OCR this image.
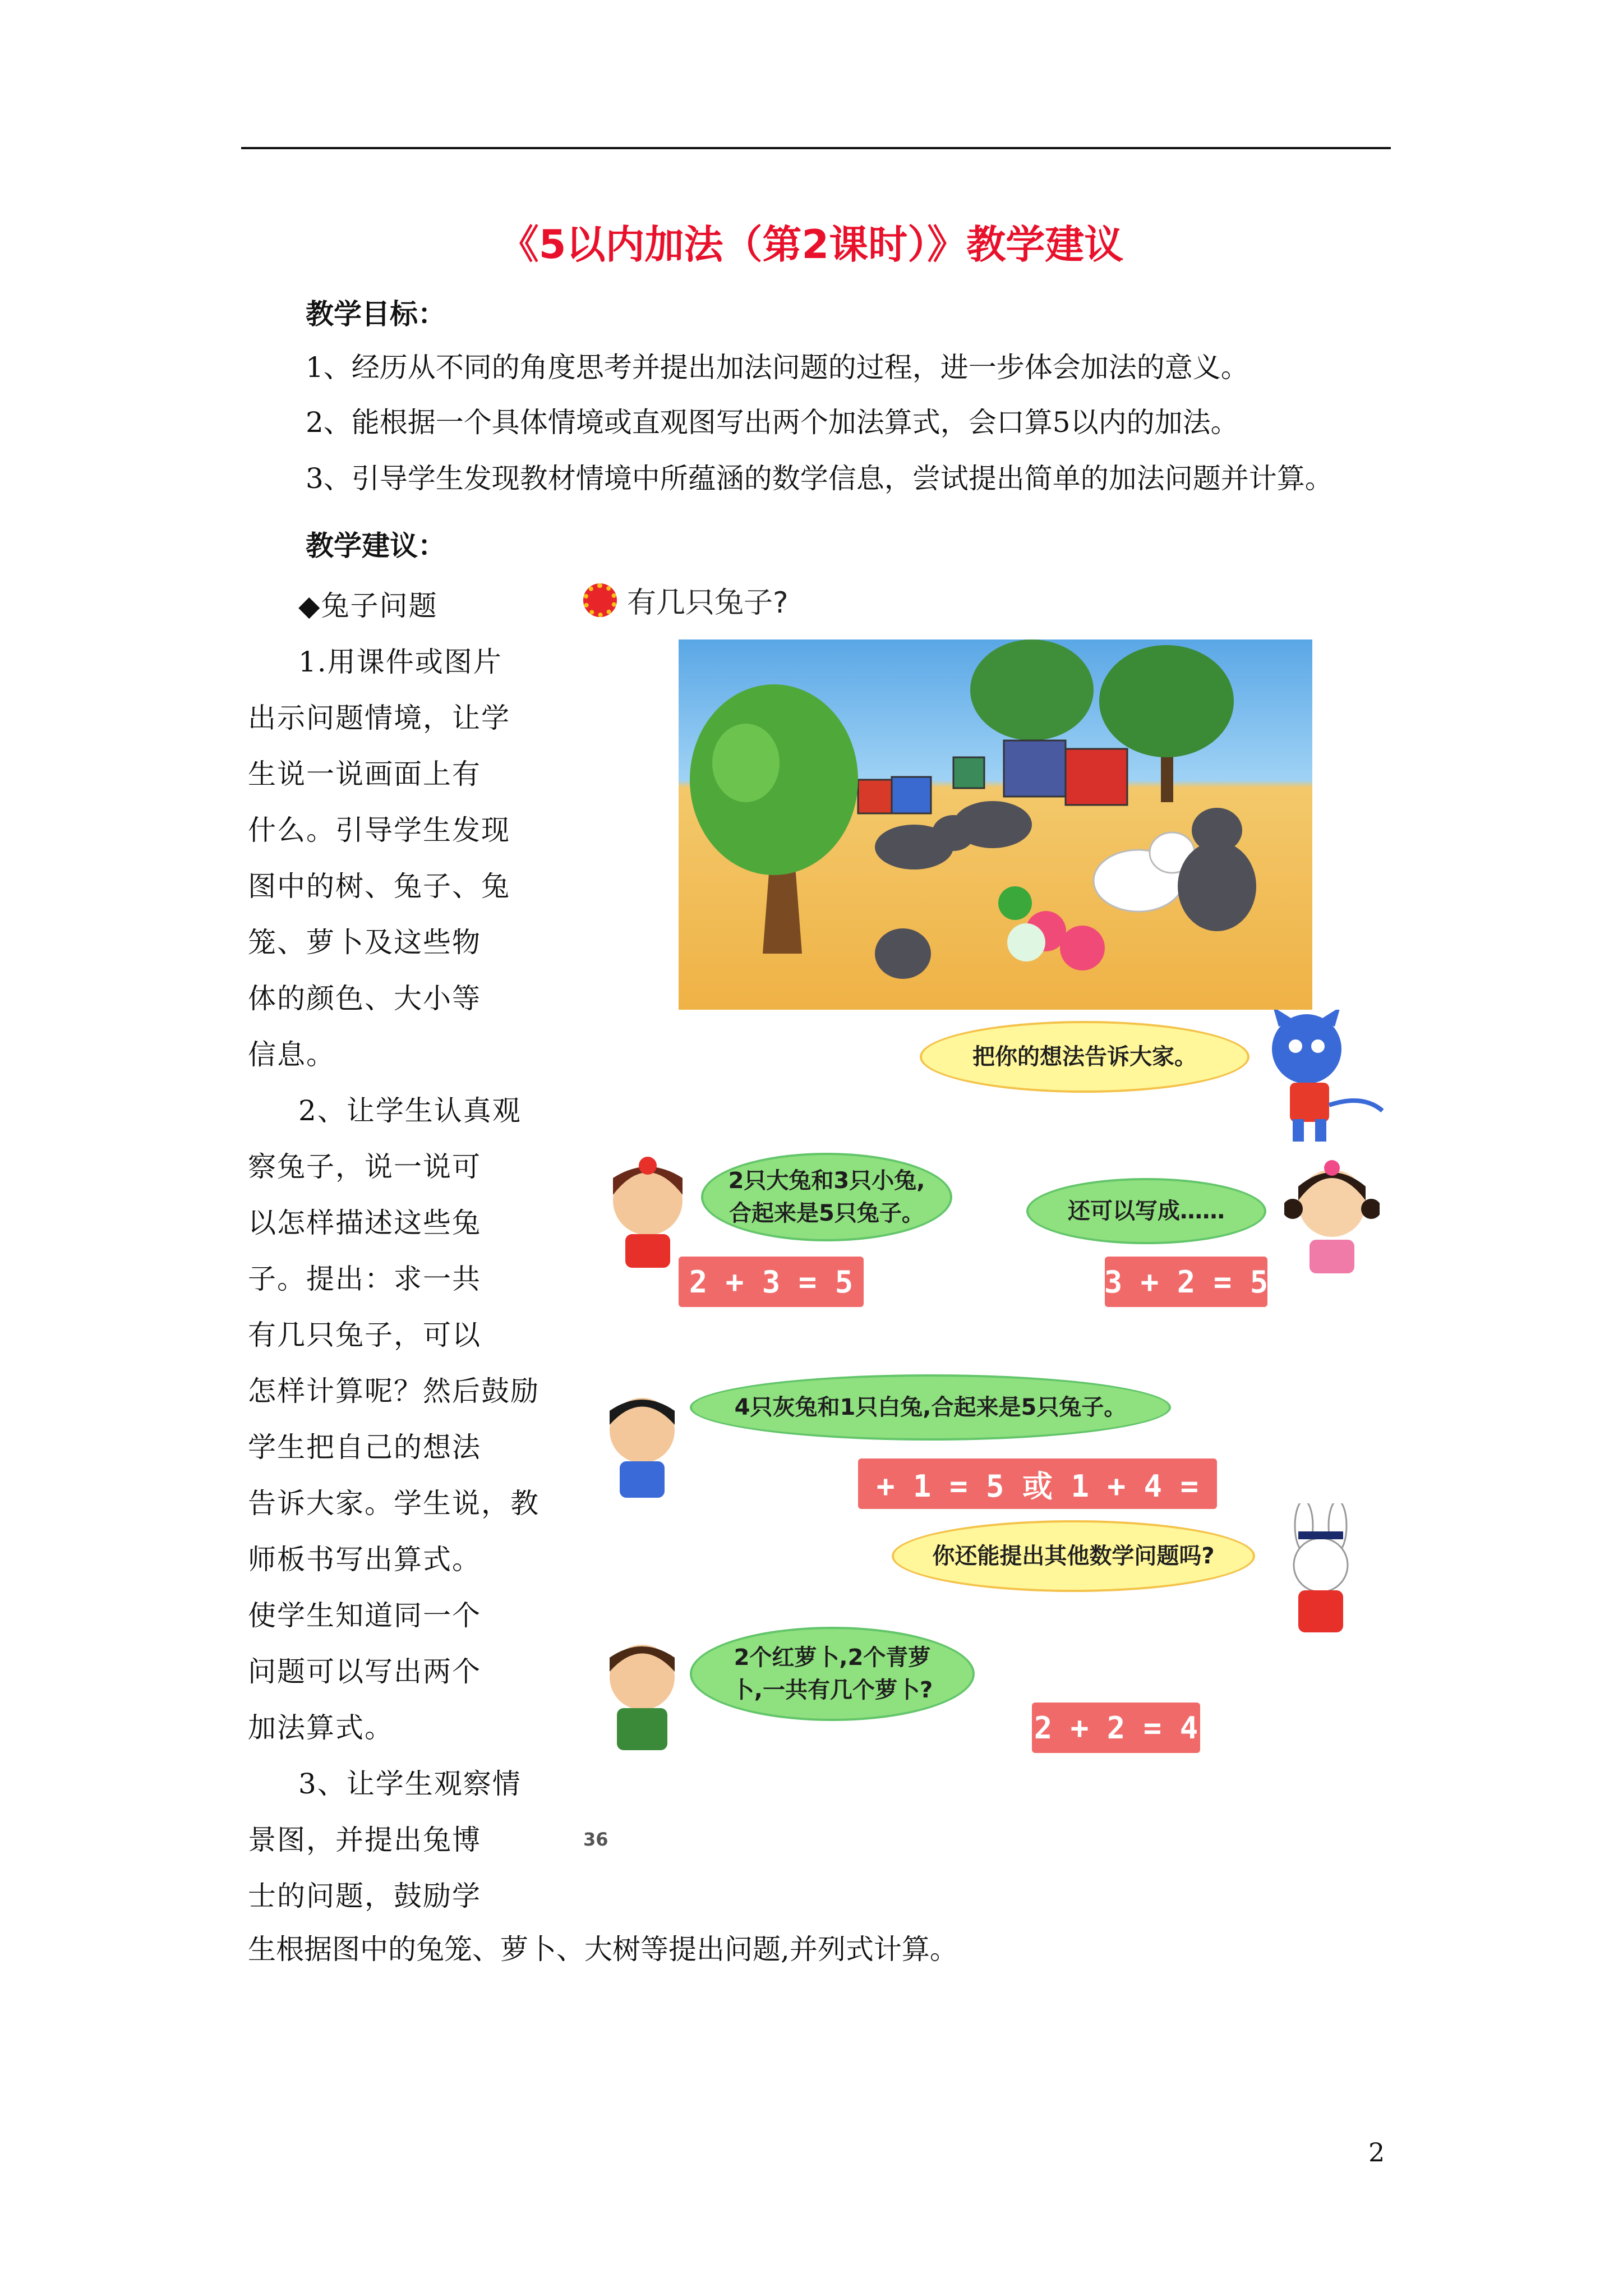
《5以内加法（第2课时）》教学建议
教学目标：
1、经历从不同的角度思考并提出加法问题的过程，进一步体会加法的意义。
2、能根据一个具体情境或直观图写出两个加法算式，会口算5以内的加法。
3、引导学生发现教材情境中所蕴涵的数学信息，尝试提出简单的加法问题并计算。
教学建议：
◆兔子问题
1.用课件或图片
出示问题情境，让学
生说一说画面上有
什么。引导学生发现
图中的树、兔子、兔
笼、萝卜及这些物
体的颜色、大小等
信息。
2、让学生认真观
察兔子，说一说可
以怎样描述这些兔
子。提出：求一共
有几只兔子，可以
怎样计算呢？然后鼓励
学生把自己的想法
告诉大家。学生说，教
师板书写出算式。
使学生知道同一个
问题可以写出两个
加法算式。
3、让学生观察情
景图，并提出兔博
士的问题，鼓励学
生根据图中的兔笼、萝卜、大树等提出问题,并列式计算。
有几只兔子?
把你的想法告诉大家。
2只大兔和3只小兔,
合起来是5只兔子。
2 + 3 = 5
还可以写成……
3 + 2 = 5
4只灰兔和1只白兔,合起来是5只兔子。
4 + 1 = 5 或 1 + 4 = 5
你还能提出其他数学问题吗?
2个红萝卜,2个青萝
卜,一共有几个萝卜?
2 + 2 = 4
36
2
